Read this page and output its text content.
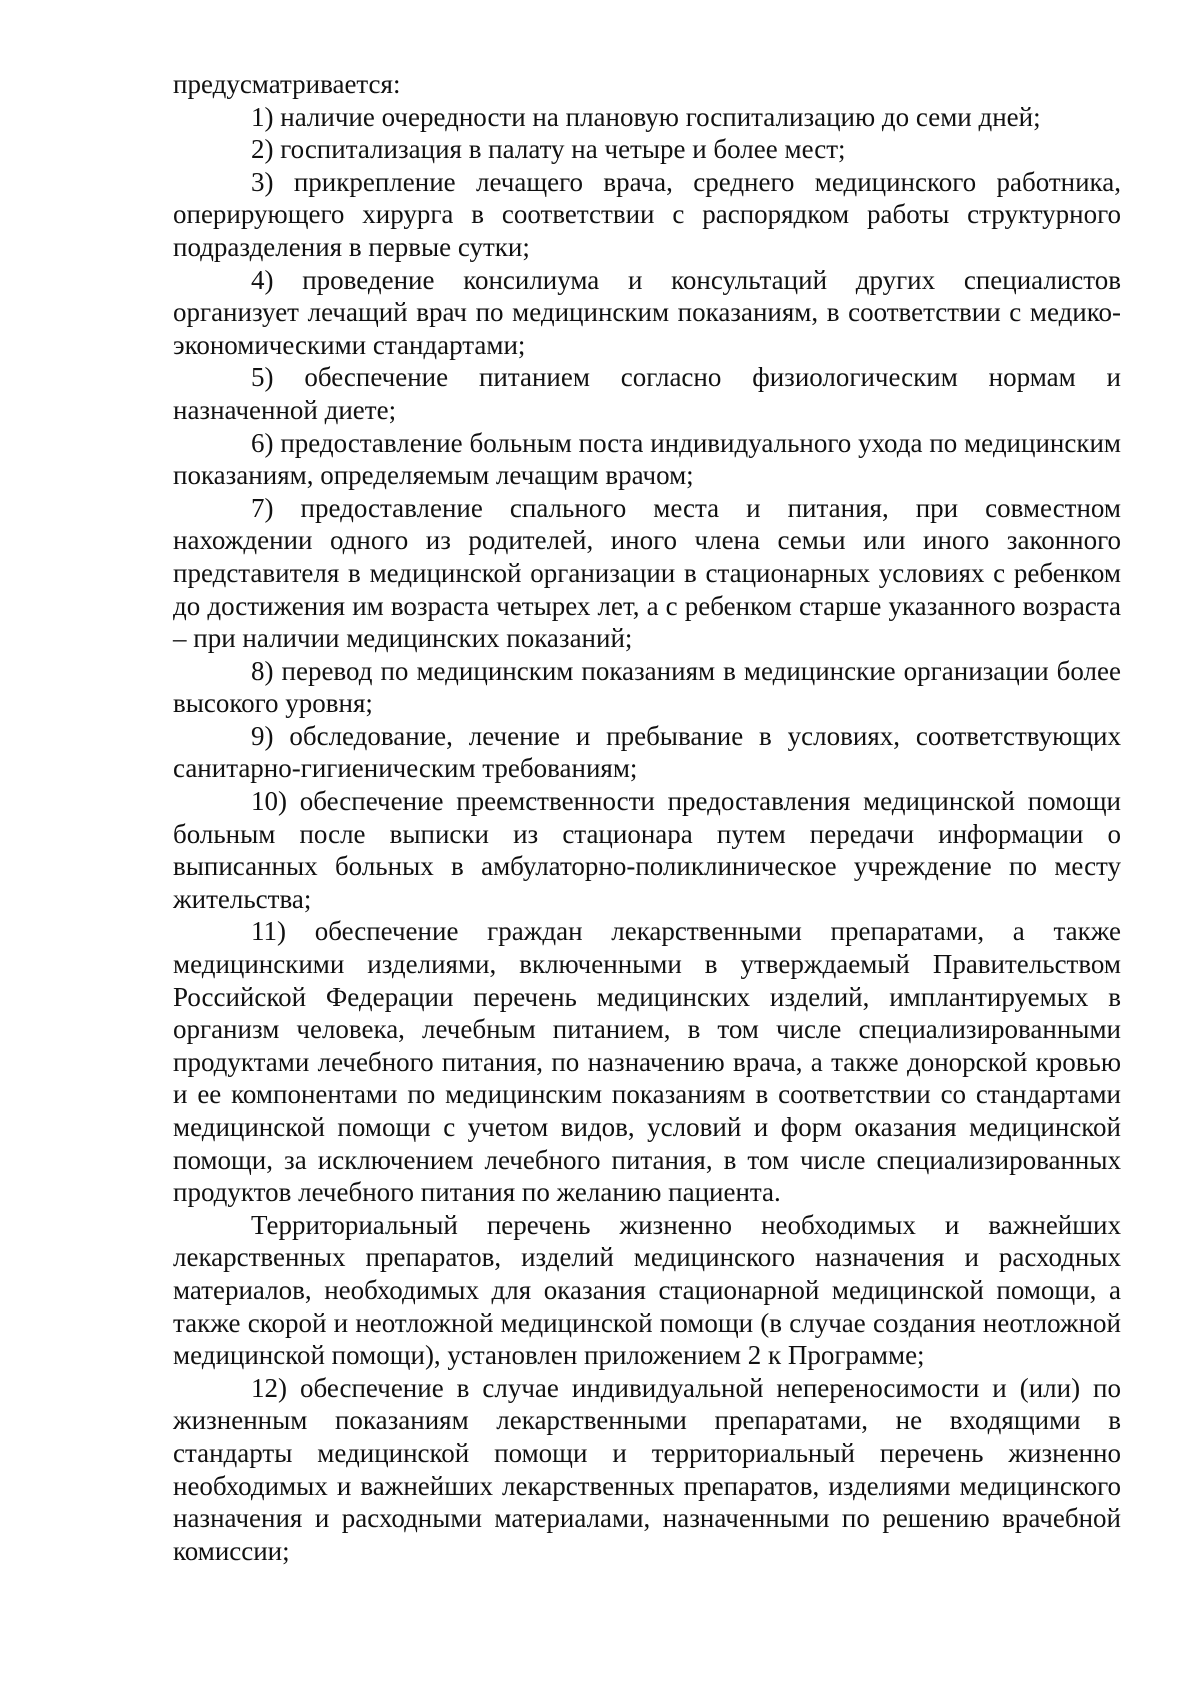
предусматривается:

1) наличие очередности на плановую госпитализацию до семи дней;

2) госпитализация в палату на четыре и более мест;

3) прикрепление лечащего врача, среднего медицинского работника, оперирующего хирурга в соответствии с распорядком работы структурного подразделения в первые сутки;

4) проведение консилиума и консультаций других специалистов организует лечащий врач по медицинским показаниям, в соответствии с медико-экономическими стандартами;

5) обеспечение питанием согласно физиологическим нормам и назначенной диете;

6) предоставление больным поста индивидуального ухода по медицинским показаниям, определяемым лечащим врачом;

7) предоставление спального места и питания, при совместном нахождении одного из родителей, иного члена семьи или иного законного представителя в медицинской организации в стационарных условиях с ребенком до достижения им возраста четырех лет, а с ребенком старше указанного возраста – при наличии медицинских показаний;

8) перевод по медицинским показаниям в медицинские организации более высокого уровня;

9) обследование, лечение и пребывание в условиях, соответствующих санитарно-гигиеническим требованиям;

10) обеспечение преемственности предоставления медицинской помощи больным после выписки из стационара путем передачи информации о выписанных больных в амбулаторно-поликлиническое учреждение по месту жительства;

11) обеспечение граждан лекарственными препаратами, а также медицинскими изделиями, включенными в утверждаемый Правительством Российской Федерации перечень медицинских изделий, имплантируемых в организм человека, лечебным питанием, в том числе специализированными продуктами лечебного питания, по назначению врача, а также донорской кровью и ее компонентами по медицинским показаниям в соответствии со стандартами медицинской помощи с учетом видов, условий и форм оказания медицинской помощи, за исключением лечебного питания, в том числе специализированных продуктов лечебного питания по желанию пациента.

Территориальный перечень жизненно необходимых и важнейших лекарственных препаратов, изделий медицинского назначения и расходных материалов, необходимых для оказания стационарной медицинской помощи, а также скорой и неотложной медицинской помощи (в случае создания неотложной медицинской помощи), установлен приложением 2 к Программе;

12) обеспечение в случае индивидуальной непереносимости и (или) по жизненным показаниям лекарственными препаратами, не входящими в стандарты медицинской помощи и территориальный перечень жизненно необходимых и важнейших лекарственных препаратов, изделиями медицинского назначения и расходными материалами, назначенными по решению врачебной комиссии;
